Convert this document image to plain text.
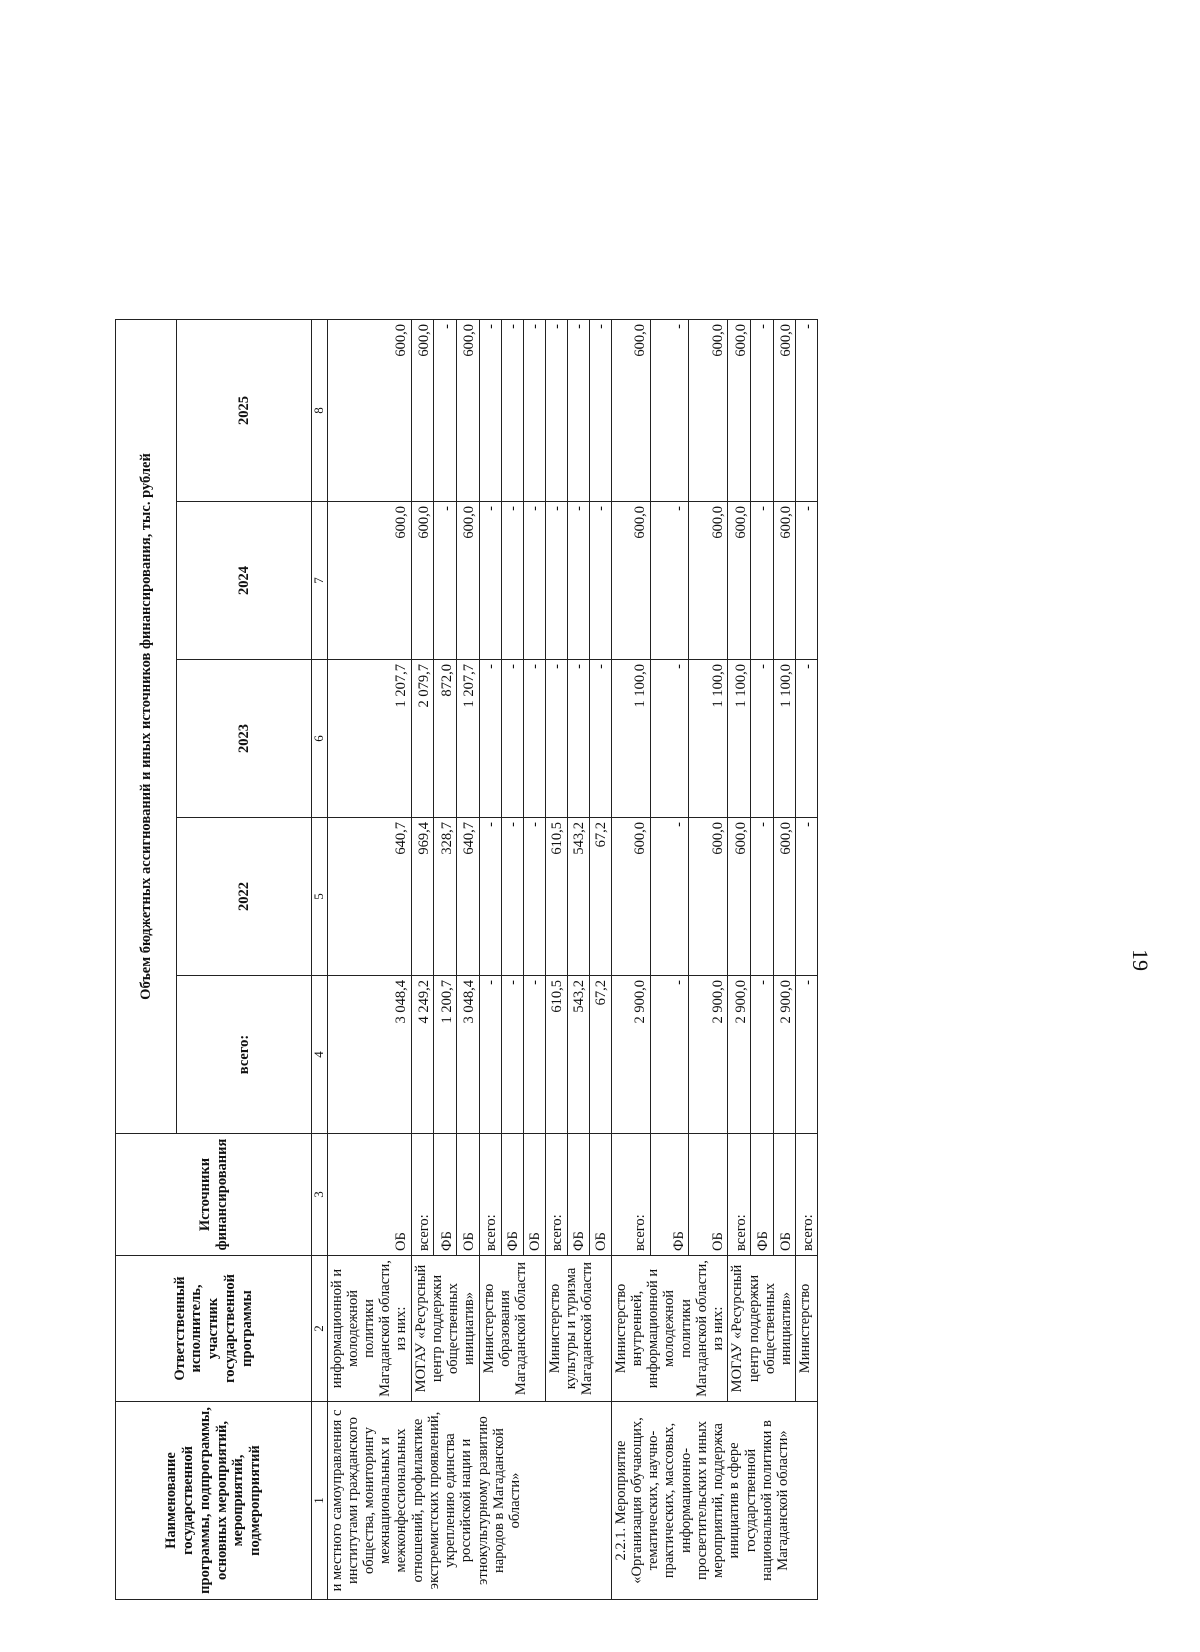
19
Наименование государственной программы, подпрограммы, основных мероприятий, мероприятий, подмероприятий	Ответственный исполнитель, участник государственной программы	Источники финансирования	Объем бюджетных ассигнований и иных источников финансирования, тыс. рублей				
			всего:	2022	2023	2024	2025
1	2	3	4	5	6	7	8
и местного самоуправления с институтами гражданского общества, мониторингу межнациональных и межконфессиональных отношений, профилактике экстремистских проявлений, укреплению единства российской нации и этнокультурному развитию народов в Магаданской области»	информационной и молодежной политики Магаданской области, из них:	ОБ	3 048,4	640,7	1 207,7	600,0	600,0
	МОГАУ «Ресурсный центр поддержки общественных инициатив»	всего:	4 249,2	969,4	2 079,7	600,0	600,0
		ФБ	1 200,7	328,7	872,0	-	-
		ОБ	3 048,4	640,7	1 207,7	600,0	600,0
	Министерство образования Магаданской области	всего:	-	-	-	-	-
		ФБ	-	-	-	-	-
		ОБ	-	-	-	-	-
	Министерство культуры и туризма Магаданской области	всего:	610,5	610,5	-	-	-
		ФБ	543,2	543,2	-	-	-
		ОБ	67,2	67,2	-	-	-
2.2.1. Мероприятие «Организация обучающих, тематических, научно-практических, массовых, информационно-просветительских и иных мероприятий, поддержка инициатив в сфере государственной национальной политики в Магаданской области»	Министерство внутренней, информационной и молодежной политики Магаданской области, из них:	всего:	2 900,0	600,0	1 100,0	600,0	600,0
		ФБ	-	-	-	-	-
		ОБ	2 900,0	600,0	1 100,0	600,0	600,0
	МОГАУ «Ресурсный центр поддержки общественных инициатив»	всего:	2 900,0	600,0	1 100,0	600,0	600,0
		ФБ	-	-	-	-	-
		ОБ	2 900,0	600,0	1 100,0	600,0	600,0
	Министерство	всего:	-	-	-	-	-
